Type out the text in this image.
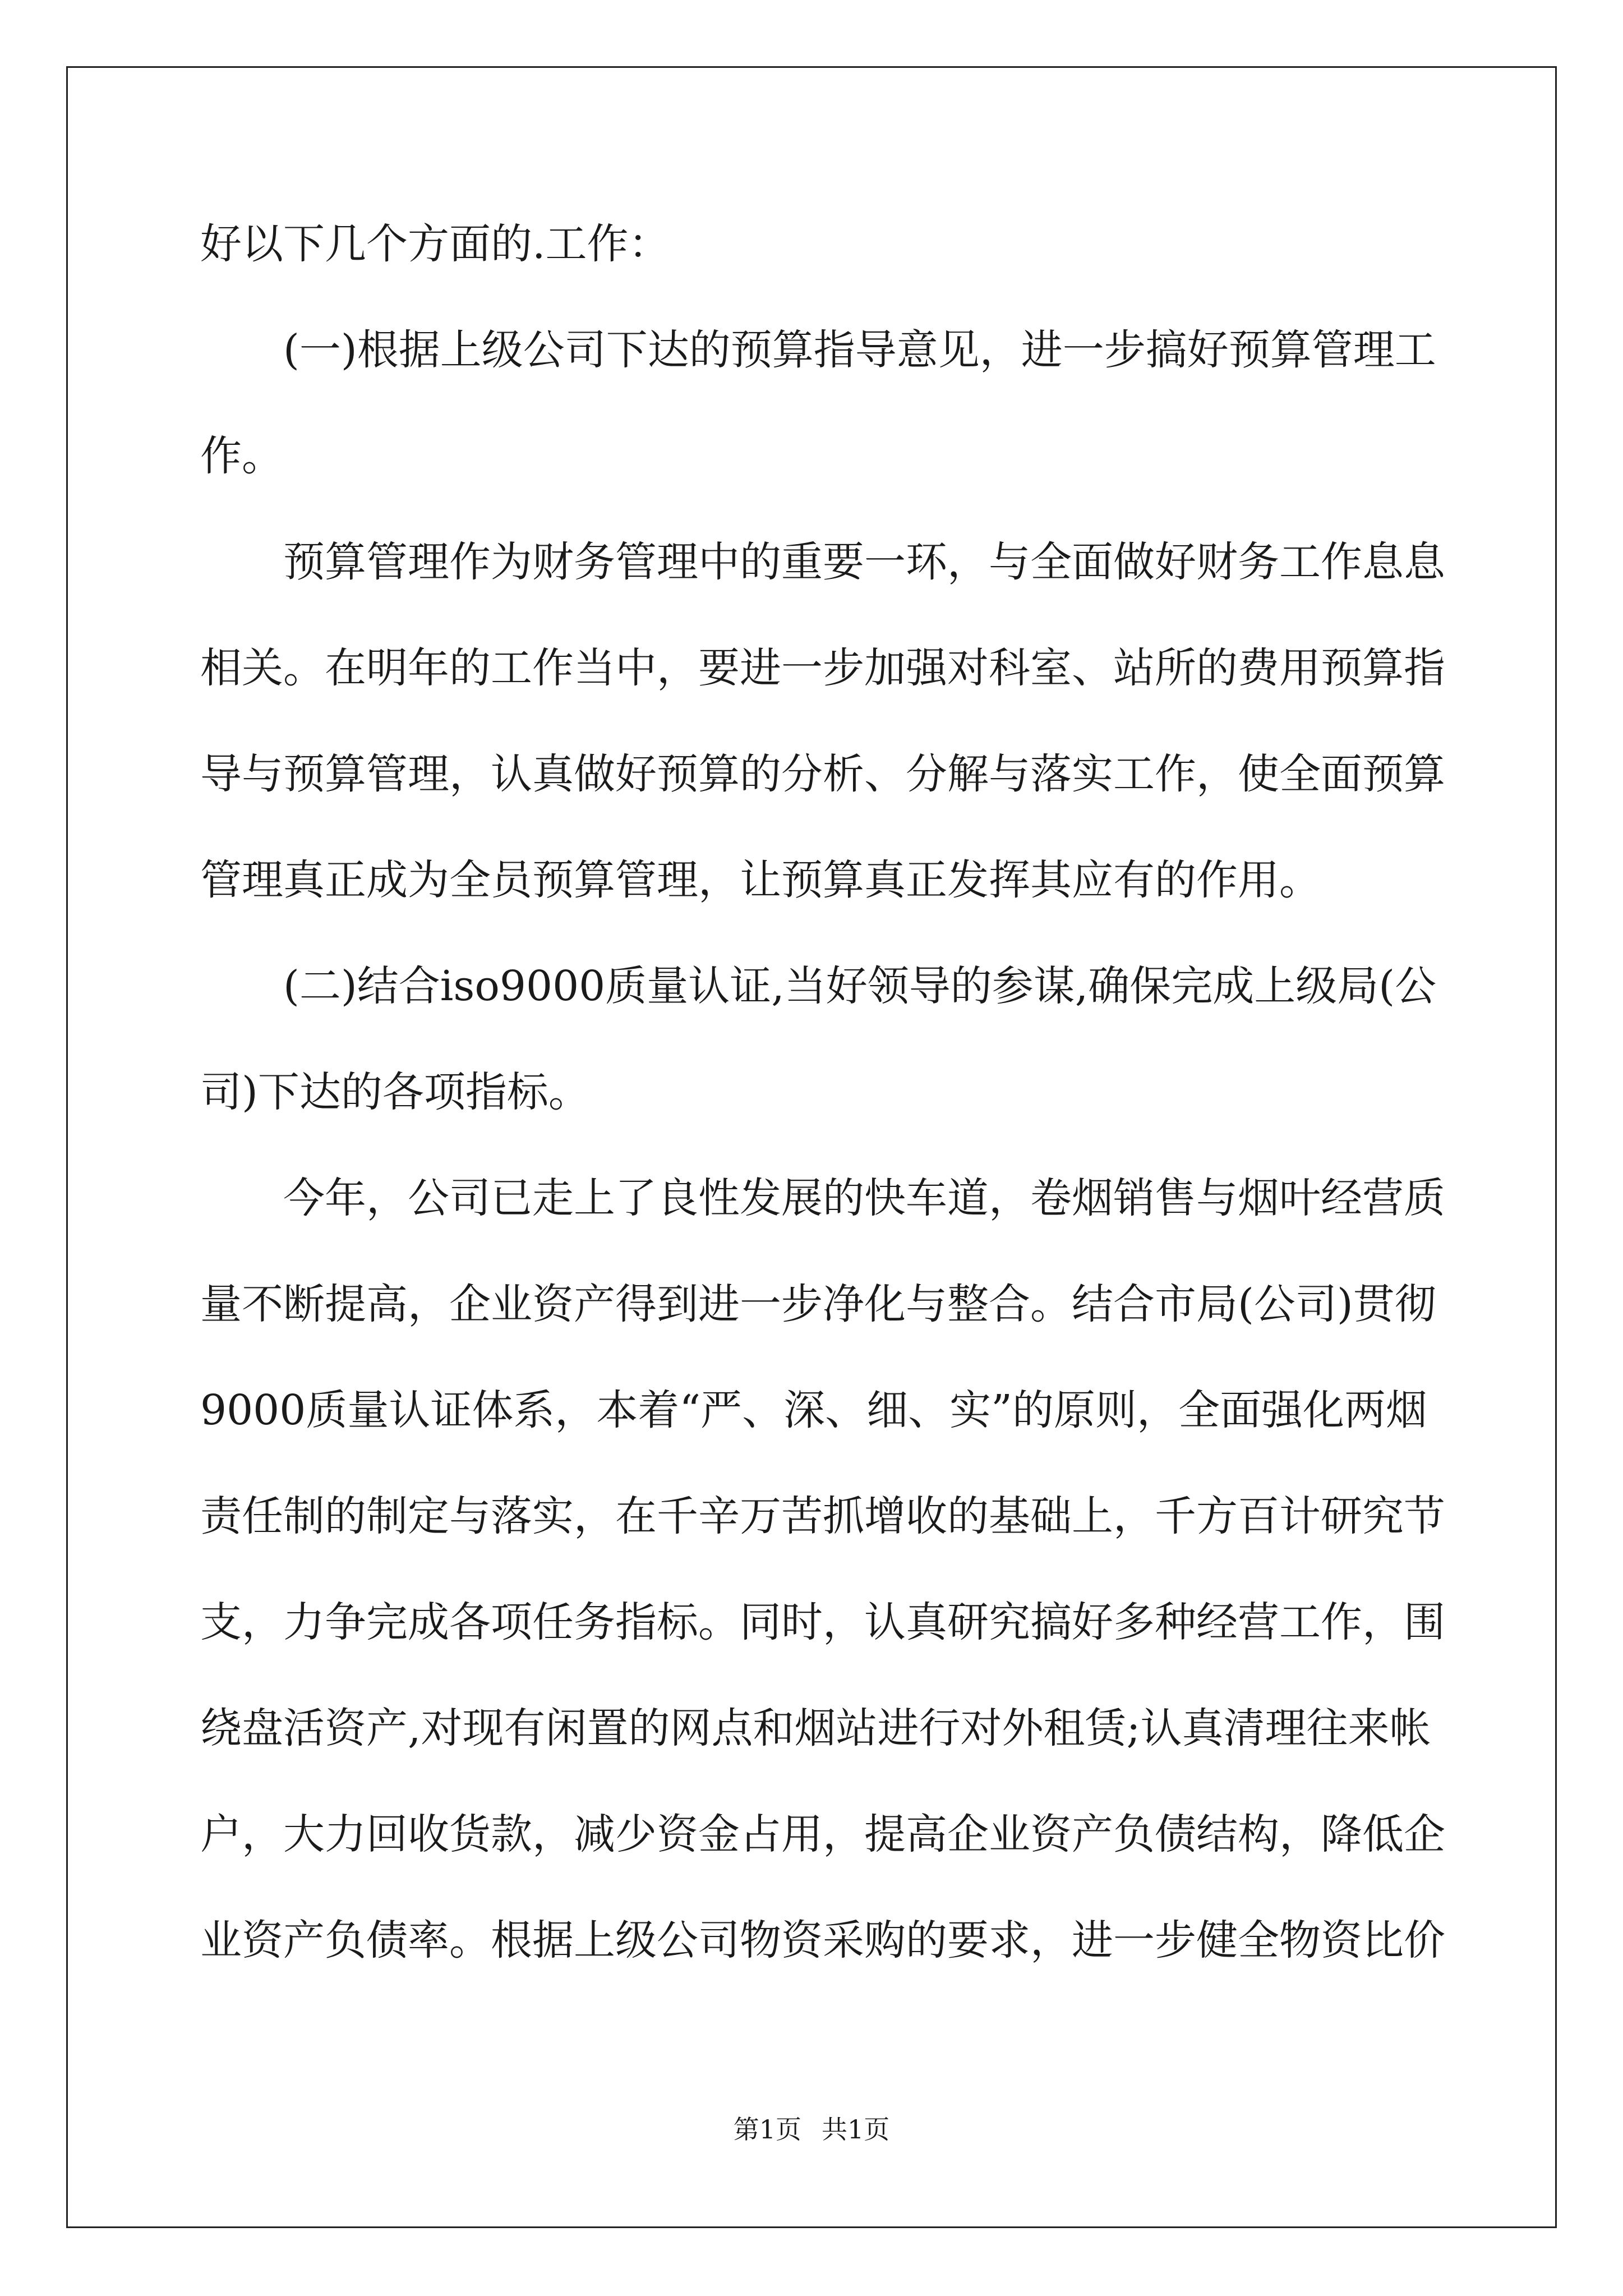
好以下几个方面的.工作：
(一)根据上级公司下达的预算指导意见，进一步搞好预算管理工
作。
预算管理作为财务管理中的重要一环，与全面做好财务工作息息
相关。在明年的工作当中，要进一步加强对科室、站所的费用预算指
导与预算管理，认真做好预算的分析、分解与落实工作，使全面预算
管理真正成为全员预算管理，让预算真正发挥其应有的作用。
(二)结合iso9000质量认证,当好领导的参谋,确保完成上级局(公
司)下达的各项指标。
今年，公司已走上了良性发展的快车道，卷烟销售与烟叶经营质
量不断提高，企业资产得到进一步净化与整合。结合市局(公司)贯彻
9000质量认证体系，本着“严、深、细、实”的原则，全面强化两烟
责任制的制定与落实，在千辛万苦抓增收的基础上，千方百计研究节
支，力争完成各项任务指标。同时，认真研究搞好多种经营工作，围
绕盘活资产,对现有闲置的网点和烟站进行对外租赁;认真清理往来帐
户，大力回收货款，减少资金占用，提高企业资产负债结构，降低企
业资产负债率。根据上级公司物资采购的要求，进一步健全物资比价
第1页 共1页
